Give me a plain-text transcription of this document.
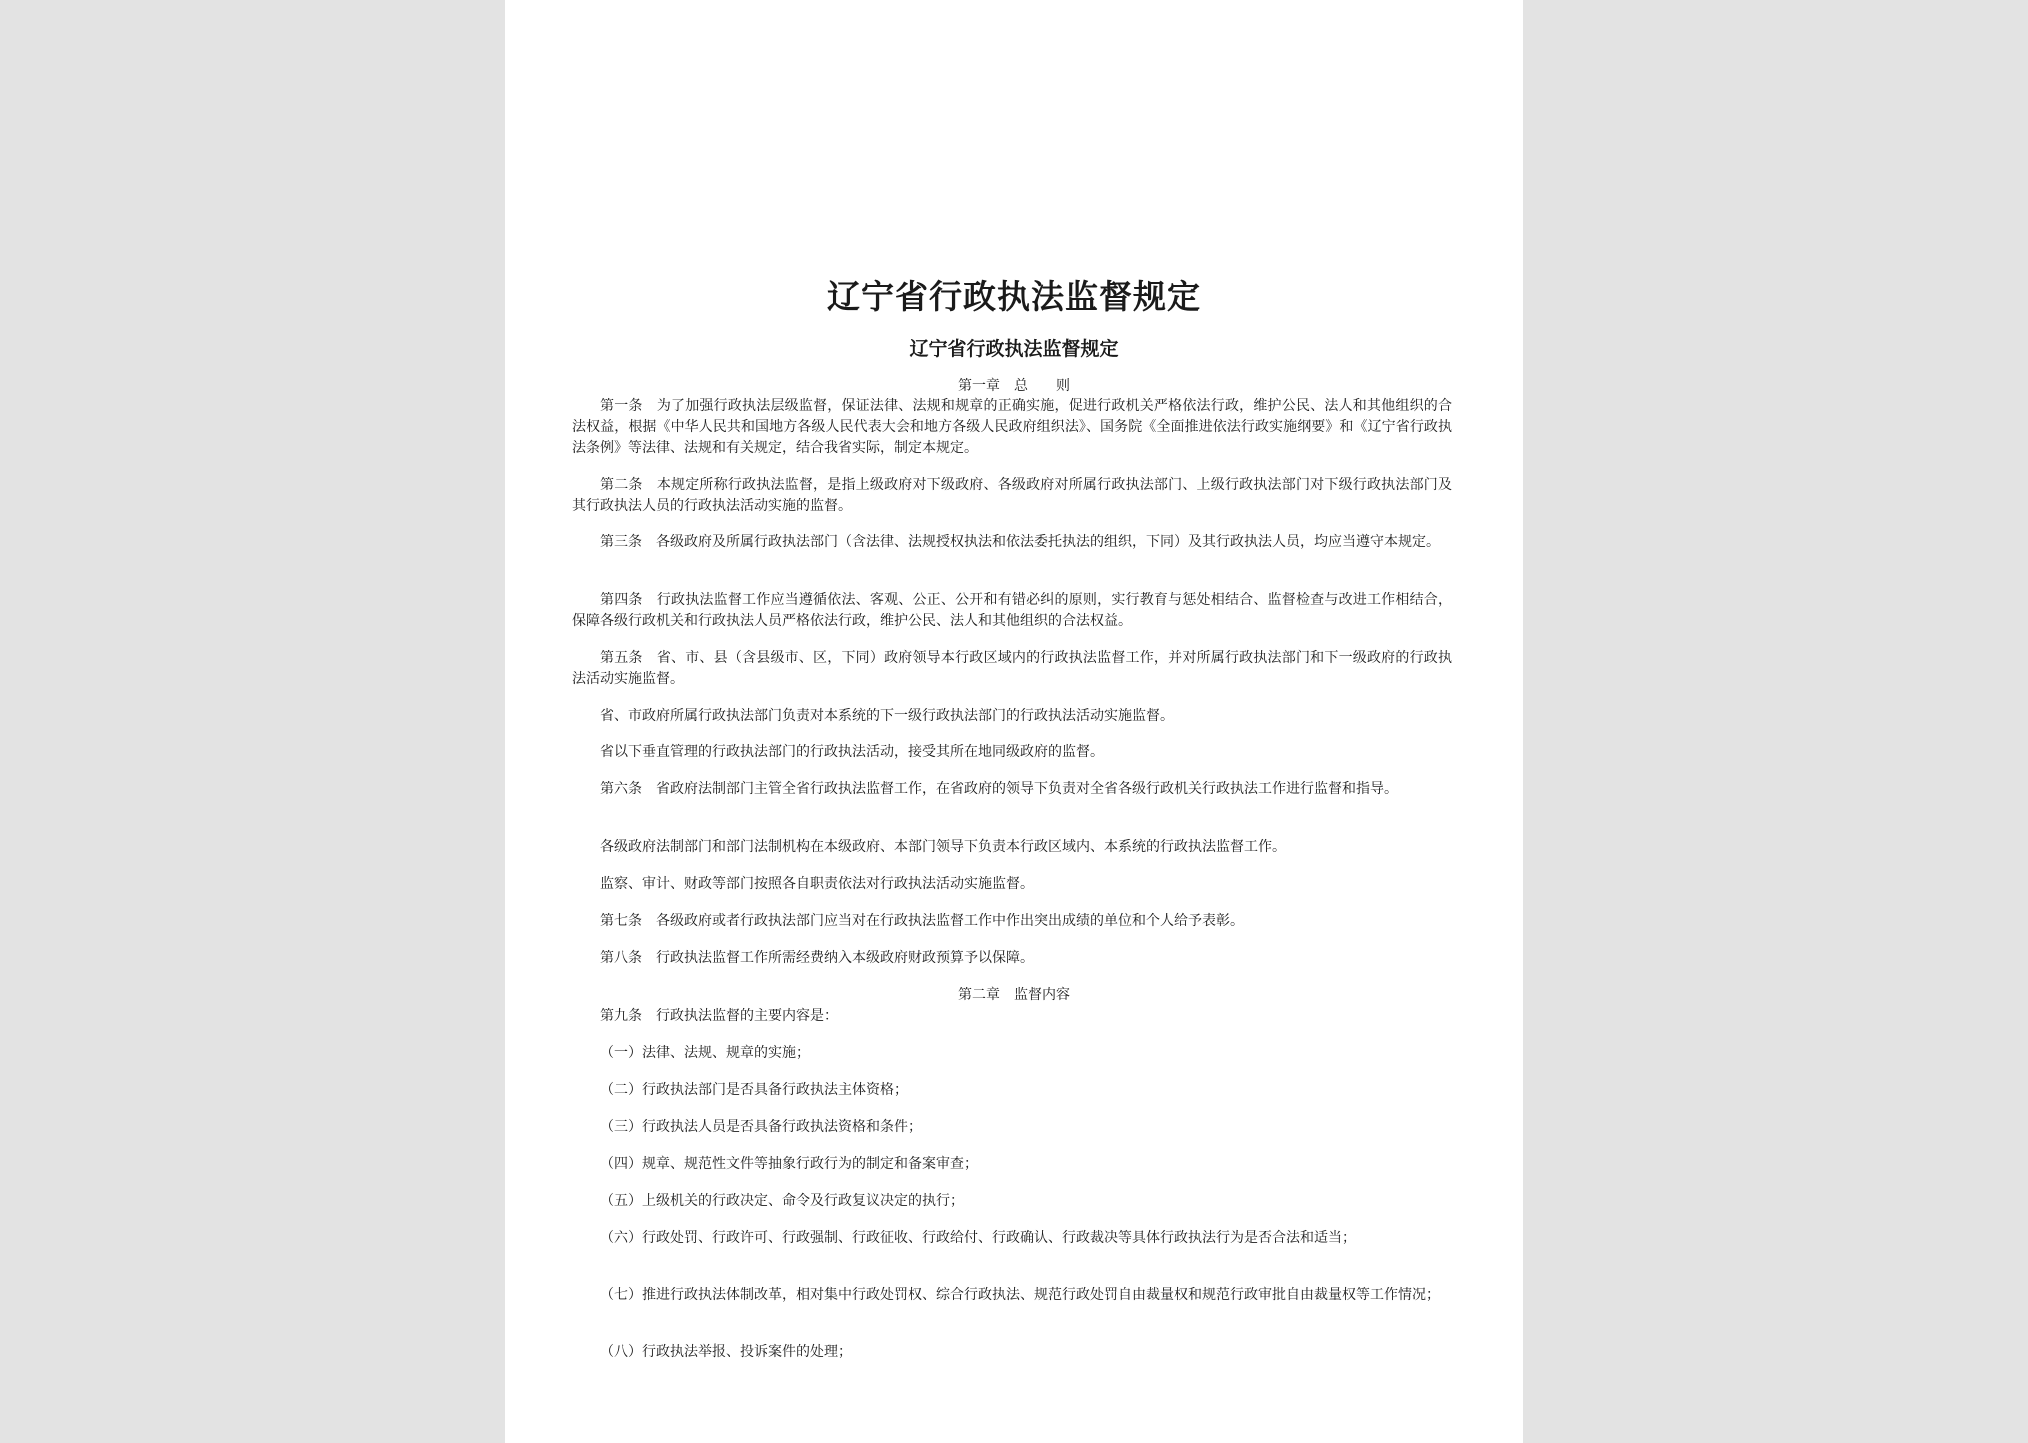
辽宁省行政执法监督规定
辽宁省行政执法监督规定

第一章　总　　则

第一条　为了加强行政执法层级监督，保证法律、法规和规章的正确实施，促进行政机关严格依法行政，维护公民、法人和其他组织的合法权益，根据《中华人民共和国地方各级人民代表大会和地方各级人民政府组织法》、国务院《全面推进依法行政实施纲要》和《辽宁省行政执法条例》等法律、法规和有关规定，结合我省实际，制定本规定。

第二条　本规定所称行政执法监督，是指上级政府对下级政府、各级政府对所属行政执法部门、上级行政执法部门对下级行政执法部门及其行政执法人员的行政执法活动实施的监督。

第三条　各级政府及所属行政执法部门（含法律、法规授权执法和依法委托执法的组织，下同）及其行政执法人员，均应当遵守本规定。

第四条　行政执法监督工作应当遵循依法、客观、公正、公开和有错必纠的原则，实行教育与惩处相结合、监督检查与改进工作相结合，保障各级行政机关和行政执法人员严格依法行政，维护公民、法人和其他组织的合法权益。

第五条　省、市、县（含县级市、区，下同）政府领导本行政区域内的行政执法监督工作，并对所属行政执法部门和下一级政府的行政执法活动实施监督。

省、市政府所属行政执法部门负责对本系统的下一级行政执法部门的行政执法活动实施监督。

省以下垂直管理的行政执法部门的行政执法活动，接受其所在地同级政府的监督。

第六条　省政府法制部门主管全省行政执法监督工作，在省政府的领导下负责对全省各级行政机关行政执法工作进行监督和指导。

各级政府法制部门和部门法制机构在本级政府、本部门领导下负责本行政区域内、本系统的行政执法监督工作。

监察、审计、财政等部门按照各自职责依法对行政执法活动实施监督。

第七条　各级政府或者行政执法部门应当对在行政执法监督工作中作出突出成绩的单位和个人给予表彰。

第八条　行政执法监督工作所需经费纳入本级政府财政预算予以保障。

第二章　监督内容

第九条　行政执法监督的主要内容是：

（一）法律、法规、规章的实施；

（二）行政执法部门是否具备行政执法主体资格；

（三）行政执法人员是否具备行政执法资格和条件；

（四）规章、规范性文件等抽象行政行为的制定和备案审查；

（五）上级机关的行政决定、命令及行政复议决定的执行；

（六）行政处罚、行政许可、行政强制、行政征收、行政给付、行政确认、行政裁决等具体行政执法行为是否合法和适当；

（七）推进行政执法体制改革，相对集中行政处罚权、综合行政执法、规范行政处罚自由裁量权和规范行政审批自由裁量权等工作情况；

（八）行政执法举报、投诉案件的处理；
